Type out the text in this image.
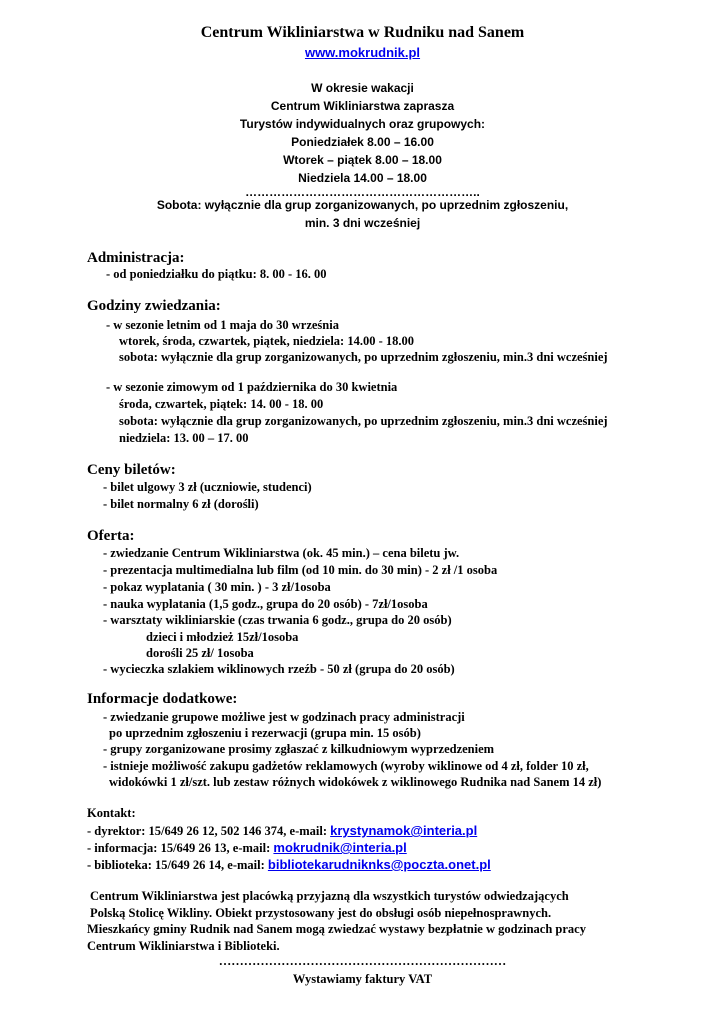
Centrum Wikliniarstwa w Rudniku nad Sanem
www.mokrudnik.pl
W okresie wakacji
Centrum Wikliniarstwa zaprasza
Turystów indywidualnych oraz grupowych:
Poniedziałek 8.00 – 16.00
Wtorek – piątek 8.00 – 18.00
Niedziela 14.00 – 18.00
…………………………………………………..
Sobota: wyłącznie dla grup zorganizowanych, po uprzednim zgłoszeniu,
min. 3 dni wcześniej
Administracja:
- od poniedziałku do piątku: 8. 00 - 16. 00
Godziny zwiedzania:
- w sezonie letnim od 1 maja do 30 września
wtorek, środa, czwartek, piątek, niedziela: 14.00 - 18.00
sobota: wyłącznie dla grup zorganizowanych, po uprzednim zgłoszeniu, min.3 dni wcześniej
- w sezonie zimowym od 1 października do 30 kwietnia
środa, czwartek, piątek: 14. 00 - 18. 00
sobota: wyłącznie dla grup zorganizowanych, po uprzednim zgłoszeniu, min.3 dni wcześniej
niedziela: 13. 00 – 17. 00
Ceny biletów:
- bilet ulgowy 3 zł (uczniowie, studenci)
- bilet normalny 6 zł (dorośli)
Oferta:
- zwiedzanie Centrum Wikliniarstwa (ok. 45 min.) – cena biletu jw.
- prezentacja multimedialna lub film (od 10 min. do 30 min) - 2 zł /1 osoba
- pokaz wyplatania ( 30 min. ) - 3 zł/1osoba
- nauka wyplatania (1,5 godz., grupa do 20 osób) - 7zł/1osoba
- warsztaty wikliniarskie (czas trwania 6 godz., grupa do 20 osób)
dzieci i młodzież 15zł/1osoba
dorośli 25 zł/ 1osoba
- wycieczka szlakiem wiklinowych rzeźb - 50 zł (grupa do 20 osób)
Informacje dodatkowe:
- zwiedzanie grupowe możliwe jest w godzinach pracy administracji
po uprzednim zgłoszeniu i rezerwacji (grupa min. 15 osób)
- grupy zorganizowane prosimy zgłaszać z kilkudniowym wyprzedzeniem
- istnieje możliwość zakupu gadżetów reklamowych (wyroby wiklinowe od 4 zł, folder 10 zł,
widokówki 1 zł/szt. lub zestaw różnych widokówek z wiklinowego Rudnika nad Sanem 14 zł)
Kontakt:
- dyrektor: 15/649 26 12, 502 146 374, e-mail: krystynamok@interia.pl
- informacja: 15/649 26 13, e-mail: mokrudnik@interia.pl
- biblioteka: 15/649 26 14, e-mail: bibliotekarudniknks@poczta.onet.pl
Centrum Wikliniarstwa jest placówką przyjazną dla wszystkich turystów odwiedzających
Polską Stolicę Wikliny. Obiekt przystosowany jest do obsługi osób niepełnosprawnych.
Mieszkańcy gminy Rudnik nad Sanem mogą zwiedzać wystawy bezpłatnie w godzinach pracy
Centrum Wikliniarstwa i Biblioteki.
……………………………………………………………
Wystawiamy faktury VAT
